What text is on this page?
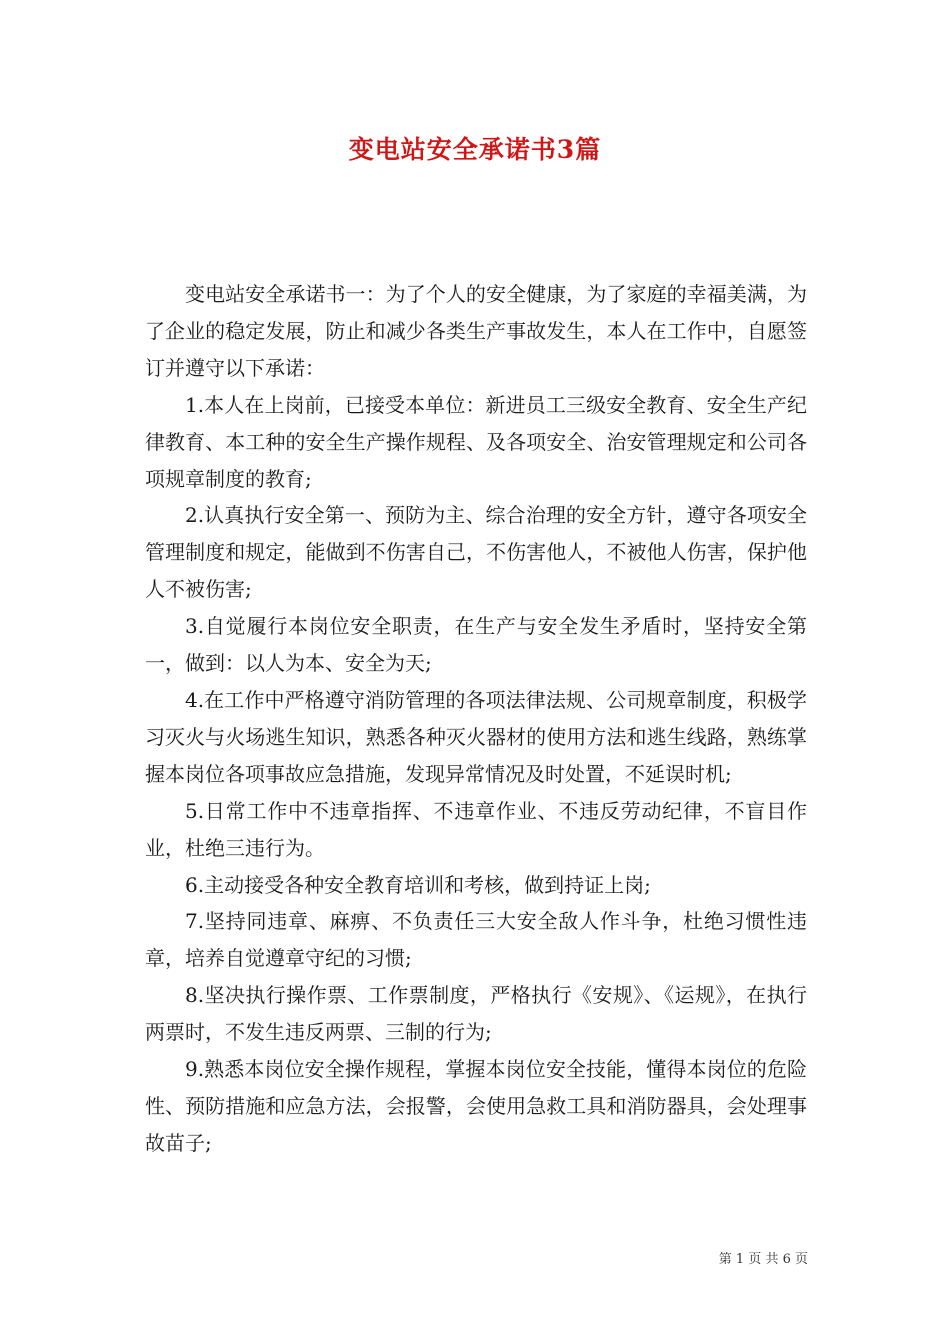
变电站安全承诺书3篇

变电站安全承诺书一：为了个人的安全健康，为了家庭的幸福美满，为了企业的稳定发展，防止和减少各类生产事故发生，本人在工作中，自愿签订并遵守以下承诺：

1.本人在上岗前，已接受本单位：新进员工三级安全教育、安全生产纪律教育、本工种的安全生产操作规程、及各项安全、治安管理规定和公司各项规章制度的教育;

2.认真执行安全第一、预防为主、综合治理的安全方针，遵守各项安全管理制度和规定，能做到不伤害自己，不伤害他人，不被他人伤害，保护他人不被伤害;

3.自觉履行本岗位安全职责，在生产与安全发生矛盾时，坚持安全第一，做到：以人为本、安全为天;

4.在工作中严格遵守消防管理的各项法律法规、公司规章制度，积极学习灭火与火场逃生知识，熟悉各种灭火器材的使用方法和逃生线路，熟练掌握本岗位各项事故应急措施，发现异常情况及时处置，不延误时机;

5.日常工作中不违章指挥、不违章作业、不违反劳动纪律，不盲目作业，杜绝三违行为。

6.主动接受各种安全教育培训和考核，做到持证上岗;

7.坚持同违章、麻痹、不负责任三大安全敌人作斗争，杜绝习惯性违章，培养自觉遵章守纪的习惯;

8.坚决执行操作票、工作票制度，严格执行《安规》、《运规》，在执行两票时，不发生违反两票、三制的行为;

9.熟悉本岗位安全操作规程，掌握本岗位安全技能，懂得本岗位的危险性、预防措施和应急方法，会报警，会使用急救工具和消防器具，会处理事故苗子;

第 1 页 共 6 页
